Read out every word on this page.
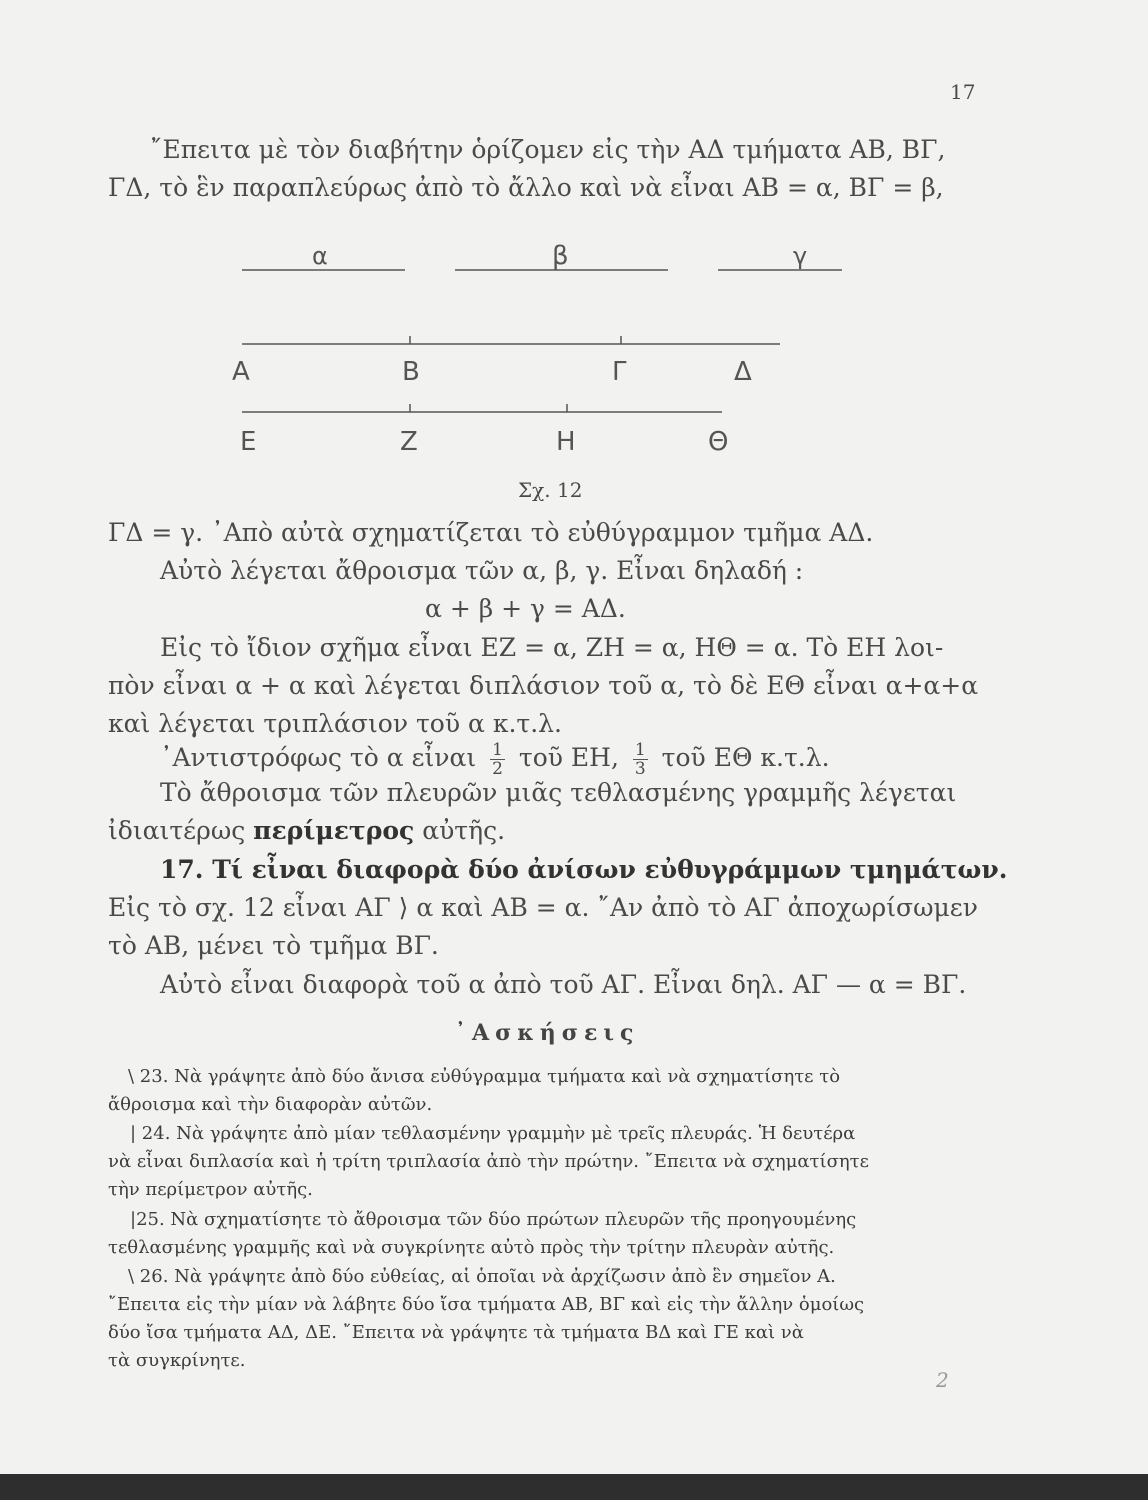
17
῎Επειτα μὲ τὸν διαβήτην ὁρίζομεν εἰς τὴν ΑΔ τμήματα ΑΒ, ΒΓ,
ΓΔ, τὸ ἓν παραπλεύρως ἀπὸ τὸ ἄλλο καὶ νὰ εἶναι ΑΒ = α, ΒΓ = β,
α	β	γ
Α	Β	Γ	Δ
Ε	Ζ	Η	Θ
Σχ. 12
ΓΔ = γ. ᾽Απὸ αὐτὰ σχηματίζεται τὸ εὐθύγραμμον τμῆμα ΑΔ.
Αὐτὸ λέγεται ἄθροισμα τῶν α, β, γ. Εἶναι δηλαδή :
α + β + γ = ΑΔ.
Εἰς τὸ ἴδιον σχῆμα εἶναι ΕΖ = α, ΖΗ = α, ΗΘ = α. Τὸ ΕΗ λοι-
πὸν εἶναι α + α καὶ λέγεται διπλάσιον τοῦ α, τὸ δὲ ΕΘ εἶναι α+α+α
καὶ λέγεται τριπλάσιον τοῦ α κ.τ.λ.
᾽Αντιστρόφως τὸ α εἶναι $\frac{1}{2}$ τοῦ ΕΗ, $\frac{1}{3}$ τοῦ ΕΘ κ.τ.λ.
Τὸ ἄθροισμα τῶν πλευρῶν μιᾶς τεθλασμένης γραμμῆς λέγεται
ἰδιαιτέρως περίμετρος αὐτῆς.
17. Τί εἶναι διαφορὰ δύο ἀνίσων εὐθυγράμμων τμημάτων.
Εἰς τὸ σχ. 12 εἶναι ΑΓ ⟩ α καὶ ΑΒ = α. ῎Αν ἀπὸ τὸ ΑΓ ἀποχωρίσωμεν
τὸ ΑΒ, μένει τὸ τμῆμα ΒΓ.
Αὐτὸ εἶναι διαφορὰ τοῦ α ἀπὸ τοῦ ΑΓ. Εἶναι δηλ. ΑΓ — α = ΒΓ.
᾽Ασκήσεις
\ 23. Νὰ γράψητε ἀπὸ δύο ἄνισα εὐθύγραμμα τμήματα καὶ νὰ σχηματίσητε τὸ
ἄθροισμα καὶ τὴν διαφορὰν αὐτῶν.
| 24. Νὰ γράψητε ἀπὸ μίαν τεθλασμένην γραμμὴν μὲ τρεῖς πλευράς. Ἡ δευτέρα
νὰ εἶναι διπλασία καὶ ἡ τρίτη τριπλασία ἀπὸ τὴν πρώτην. ῎Επειτα νὰ σχηματίσητε
τὴν περίμετρον αὐτῆς.
|25. Νὰ σχηματίσητε τὸ ἄθροισμα τῶν δύο πρώτων πλευρῶν τῆς προηγουμένης
τεθλασμένης γραμμῆς καὶ νὰ συγκρίνητε αὐτὸ πρὸς τὴν τρίτην πλευρὰν αὐτῆς.
\ 26. Νὰ γράψητε ἀπὸ δύο εὐθείας, αἱ ὁποῖαι νὰ ἀρχίζωσιν ἀπὸ ἓν σημεῖον Α.
῎Επειτα εἰς τὴν μίαν νὰ λάβητε δύο ἴσα τμήματα ΑΒ, ΒΓ καὶ εἰς τὴν ἄλλην ὁμοίως
δύο ἴσα τμήματα ΑΔ, ΔΕ. ῎Επειτα νὰ γράψητε τὰ τμήματα ΒΔ καὶ ΓΕ καὶ νὰ
τὰ συγκρίνητε.
2
